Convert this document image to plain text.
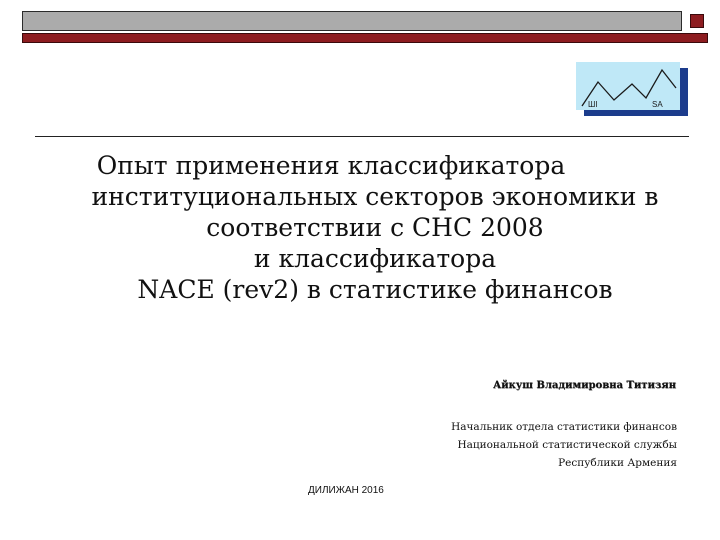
ШI	SA
Опыт применения классификатора
институциональных секторов экономики в
соответствии с СНС 2008
и классификатора
NACE (rev2) в статистике финансов

Айкуш Владимировна Титизян

Начальник отдела статистики финансов
Национальной статистической службы
Республики Армения

ДИЛИЖАН 2016
